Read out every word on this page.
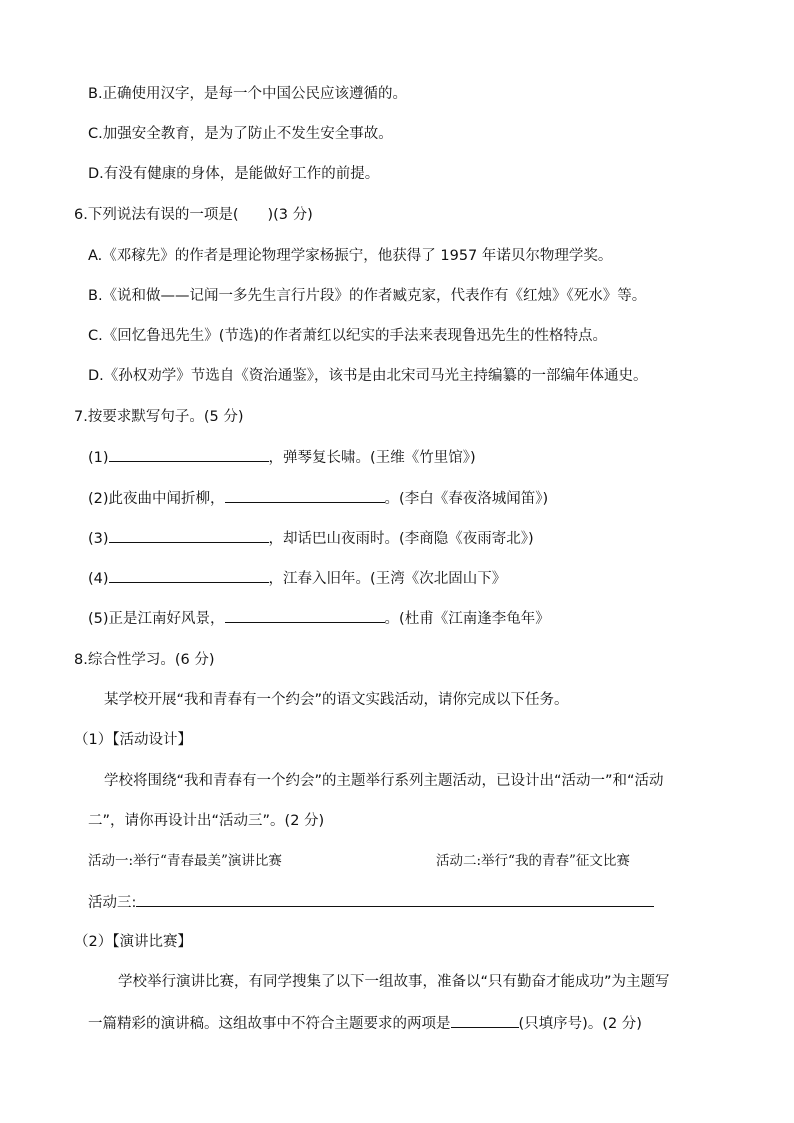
B.正确使用汉字，是每一个中国公民应该遵循的。
C.加强安全教育，是为了防止不发生安全事故。
D.有没有健康的身体，是能做好工作的前提。
6.下列说法有误的一项是(　　)(3 分)
A.《邓稼先》的作者是理论物理学家杨振宁，他获得了 1957 年诺贝尔物理学奖。
B.《说和做——记闻一多先生言行片段》的作者臧克家，代表作有《红烛》《死水》等。
C.《回忆鲁迅先生》(节选)的作者萧红以纪实的手法来表现鲁迅先生的性格特点。
D.《孙权劝学》节选自《资治通鉴》，该书是由北宋司马光主持编纂的一部编年体通史。
7.按要求默写句子。(5 分)
(1)	，弹琴复长啸。(王维《竹里馆》)
(2)此夜曲中闻折柳，	。(李白《春夜洛城闻笛》)
(3)	，却话巴山夜雨时。(李商隐《夜雨寄北》)
(4)	，江春入旧年。(王湾《次北固山下》
(5)正是江南好风景，	。(杜甫《江南逢李龟年》
8.综合性学习。(6 分)
某学校开展“我和青春有一个约会”的语文实践活动，请你完成以下任务。
（1）【活动设计】
学校将围绕“我和青春有一个约会”的主题举行系列主题活动，已设计出“活动一”和“活动
二”，请你再设计出“活动三”。(2 分)
活动一:举行“青春最美”演讲比赛	活动二:举行“我的青春”征文比赛
活动三:
（2）【演讲比赛】
学校举行演讲比赛，有同学搜集了以下一组故事，准备以“只有勤奋才能成功”为主题写
一篇精彩的演讲稿。这组故事中不符合主题要求的两项是	(只填序号)。(2 分)
